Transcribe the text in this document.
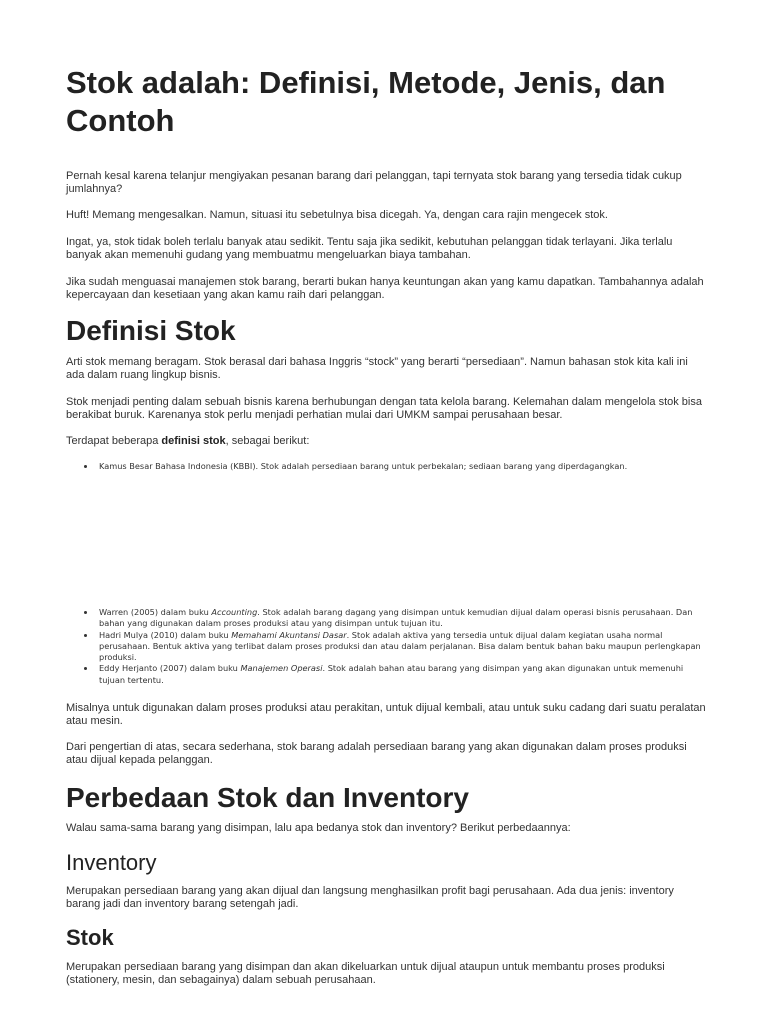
Stok adalah: Definisi, Metode, Jenis, dan Contoh

Pernah kesal karena telanjur mengiyakan pesanan barang dari pelanggan, tapi ternyata stok barang yang tersedia tidak cukup jumlahnya?

Huft! Memang mengesalkan. Namun, situasi itu sebetulnya bisa dicegah. Ya, dengan cara rajin mengecek stok.

Ingat, ya, stok tidak boleh terlalu banyak atau sedikit. Tentu saja jika sedikit, kebutuhan pelanggan tidak terlayani. Jika terlalu banyak akan memenuhi gudang yang membuatmu mengeluarkan biaya tambahan.

Jika sudah menguasai manajemen stok barang, berarti bukan hanya keuntungan akan yang kamu dapatkan. Tambahannya adalah kepercayaan dan kesetiaan yang akan kamu raih dari pelanggan.

Definisi Stok

Arti stok memang beragam. Stok berasal dari bahasa Inggris “stock” yang berarti “persediaan”. Namun bahasan stok kita kali ini ada dalam ruang lingkup bisnis.

Stok menjadi penting dalam sebuah bisnis karena berhubungan dengan tata kelola barang. Kelemahan dalam mengelola stok bisa berakibat buruk. Karenanya stok perlu menjadi perhatian mulai dari UMKM sampai perusahaan besar.

Terdapat beberapa definisi stok, sebagai berikut:

Kamus Besar Bahasa Indonesia (KBBI). Stok adalah persediaan barang untuk perbekalan; sediaan barang yang diperdagangkan.
Warren (2005) dalam buku Accounting. Stok adalah barang dagang yang disimpan untuk kemudian dijual dalam operasi bisnis perusahaan. Dan bahan yang digunakan dalam proses produksi atau yang disimpan untuk tujuan itu.
Hadri Mulya (2010) dalam buku Memahami Akuntansi Dasar. Stok adalah aktiva yang tersedia untuk dijual dalam kegiatan usaha normal perusahaan. Bentuk aktiva yang terlibat dalam proses produksi dan atau dalam perjalanan. Bisa dalam bentuk bahan baku maupun perlengkapan produksi.
Eddy Herjanto (2007) dalam buku Manajemen Operasi. Stok adalah bahan atau barang yang disimpan yang akan digunakan untuk memenuhi tujuan tertentu.

Misalnya untuk digunakan dalam proses produksi atau perakitan, untuk dijual kembali, atau untuk suku cadang dari suatu peralatan atau mesin.

Dari pengertian di atas, secara sederhana, stok barang adalah persediaan barang yang akan digunakan dalam proses produksi atau dijual kepada pelanggan.

Perbedaan Stok dan Inventory

Walau sama-sama barang yang disimpan, lalu apa bedanya stok dan inventory? Berikut perbedaannya:

Inventory

Merupakan persediaan barang yang akan dijual dan langsung menghasilkan profit bagi perusahaan. Ada dua jenis: inventory barang jadi dan inventory barang setengah jadi.

Stok

Merupakan persediaan barang yang disimpan dan akan dikeluarkan untuk dijual ataupun untuk membantu proses produksi (stationery, mesin, dan sebagainya) dalam sebuah perusahaan.
